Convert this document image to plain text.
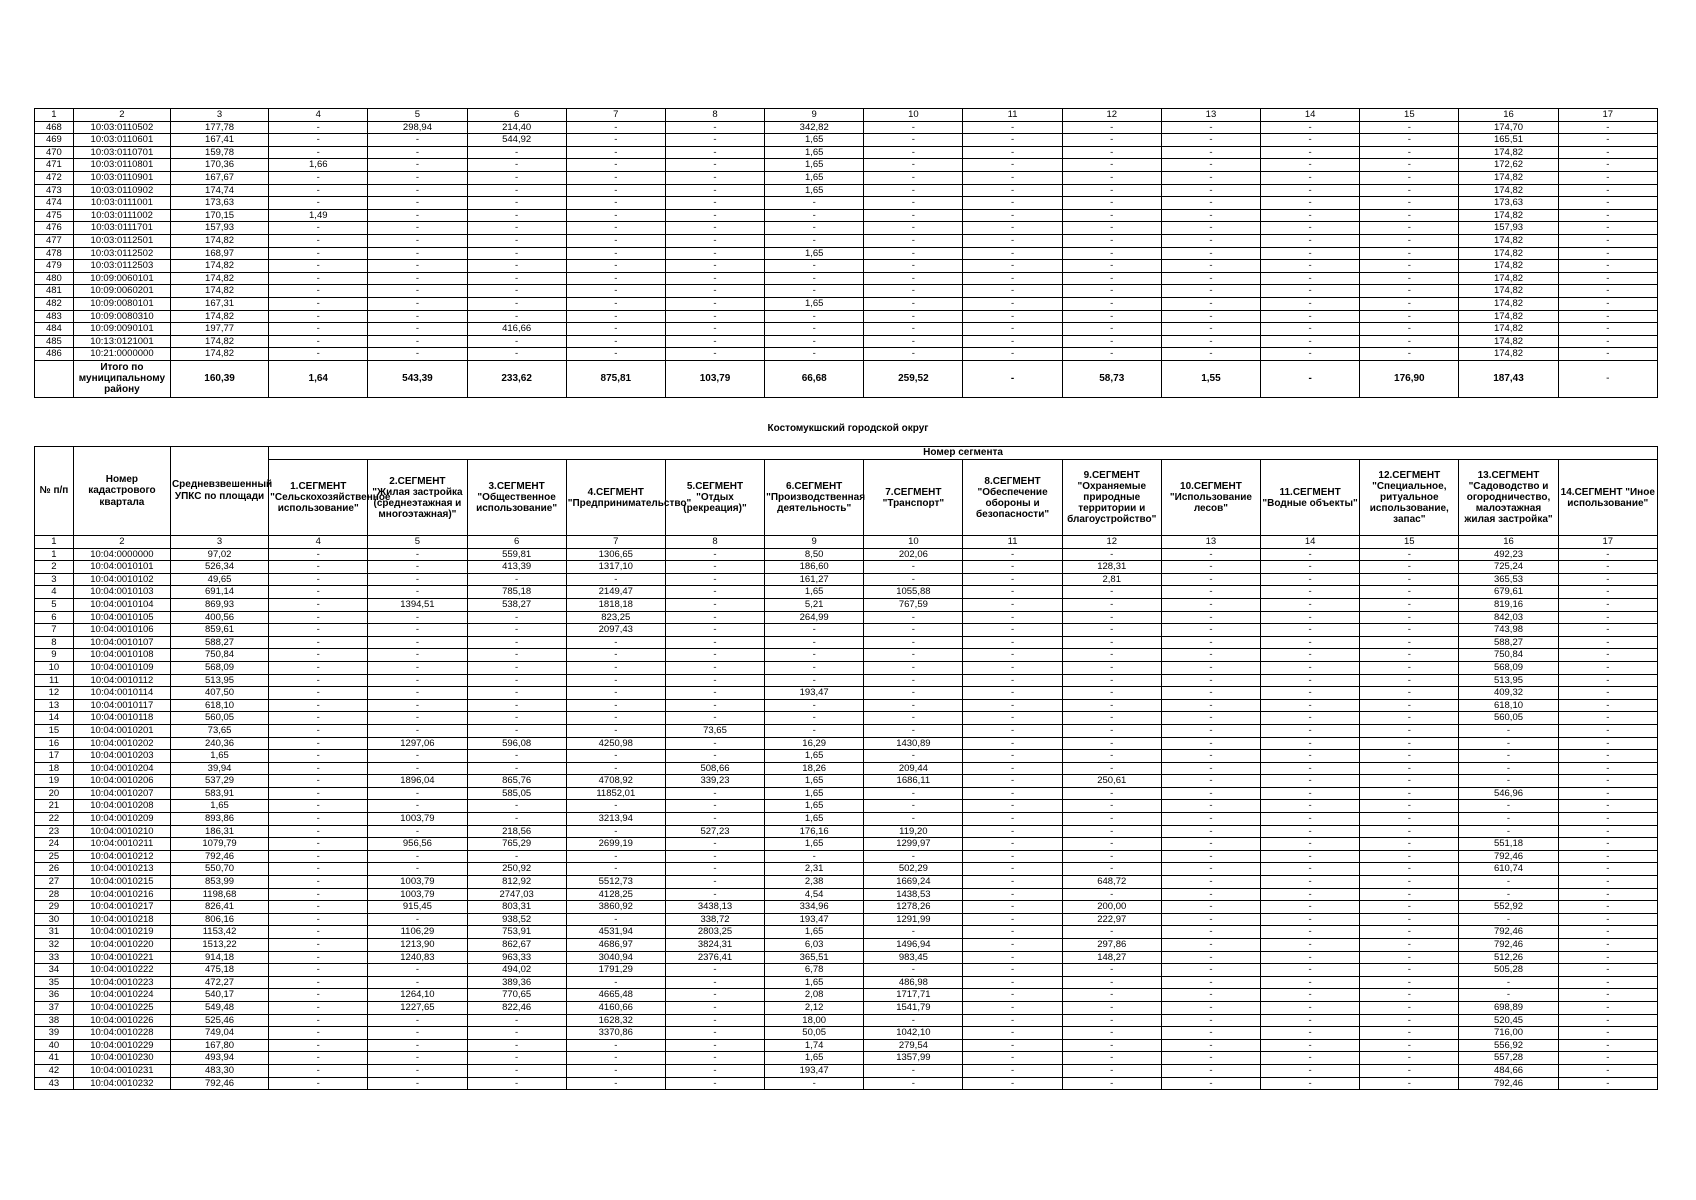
1	2	3	4	5	6	7	8	9	10	11	12	13	14	15	16	17
468	10:03:0110502	177,78	-	298,94	214,40	-	-	342,82	-	-	-	-	-	-	174,70	-
469	10:03:0110601	167,41	-	-	544,92	-	-	1,65	-	-	-	-	-	-	165,51	-
470	10:03:0110701	159,78	-	-	-	-	-	1,65	-	-	-	-	-	-	174,82	-
471	10:03:0110801	170,36	1,66	-	-	-	-	1,65	-	-	-	-	-	-	172,62	-
472	10:03:0110901	167,67	-	-	-	-	-	1,65	-	-	-	-	-	-	174,82	-
473	10:03:0110902	174,74	-	-	-	-	-	1,65	-	-	-	-	-	-	174,82	-
474	10:03:0111001	173,63	-	-	-	-	-	-	-	-	-	-	-	-	173,63	-
475	10:03:0111002	170,15	1,49	-	-	-	-	-	-	-	-	-	-	-	174,82	-
476	10:03:0111701	157,93	-	-	-	-	-	-	-	-	-	-	-	-	157,93	-
477	10:03:0112501	174,82	-	-	-	-	-	-	-	-	-	-	-	-	174,82	-
478	10:03:0112502	168,97	-	-	-	-	-	1,65	-	-	-	-	-	-	174,82	-
479	10:03:0112503	174,82	-	-	-	-	-	-	-	-	-	-	-	-	174,82	-
480	10:09:0060101	174,82	-	-	-	-	-	-	-	-	-	-	-	-	174,82	-
481	10:09:0060201	174,82	-	-	-	-	-	-	-	-	-	-	-	-	174,82	-
482	10:09:0080101	167,31	-	-	-	-	-	1,65	-	-	-	-	-	-	174,82	-
483	10:09:0080310	174,82	-	-	-	-	-	-	-	-	-	-	-	-	174,82	-
484	10:09:0090101	197,77	-	-	416,66	-	-	-	-	-	-	-	-	-	174,82	-
485	10:13:0121001	174,82	-	-	-	-	-	-	-	-	-	-	-	-	174,82	-
486	10:21:0000000	174,82	-	-	-	-	-	-	-	-	-	-	-	-	174,82	-
	Итого по муниципальному району	160,39	1,64	543,39	233,62	875,81	103,79	66,68	259,52	-	58,73	1,55	-	176,90	187,43	-
Костомукшский городской округ
№ п/п	Номер кадастрового квартала	Средневзвешенный УПКС по площади	Номер сегмента													
			1.СЕГМЕНТ "Сельскохозяйственное использование"	2.СЕГМЕНТ "Жилая застройка (среднеэтажная и многоэтажная)"	3.СЕГМЕНТ "Общественное использование"	4.СЕГМЕНТ "Предпринимательство"	5.СЕГМЕНТ "Отдых (рекреация)"	6.СЕГМЕНТ "Производственная деятельность"	7.СЕГМЕНТ "Транспорт"	8.СЕГМЕНТ "Обеспечение обороны и безопасности"	9.СЕГМЕНТ "Охраняемые природные территории и благоустройство"	10.СЕГМЕНТ "Использование лесов"	11.СЕГМЕНТ "Водные объекты"	12.СЕГМЕНТ "Специальное, ритуальное использование, запас"	13.СЕГМЕНТ "Садоводство и огородничество, малоэтажная жилая застройка"	14.СЕГМЕНТ "Иное использование"
1	2	3	4	5	6	7	8	9	10	11	12	13	14	15	16	17
1	10:04:0000000	97,02	-	-	559,81	1306,65	-	8,50	202,06	-	-	-	-	-	492,23	-
2	10:04:0010101	526,34	-	-	413,39	1317,10	-	186,60	-	-	128,31	-	-	-	725,24	-
3	10:04:0010102	49,65	-	-	-	-	-	161,27	-	-	2,81	-	-	-	365,53	-
4	10:04:0010103	691,14	-	-	785,18	2149,47	-	1,65	1055,88	-	-	-	-	-	679,61	-
5	10:04:0010104	869,93	-	1394,51	538,27	1818,18	-	5,21	767,59	-	-	-	-	-	819,16	-
6	10:04:0010105	400,56	-	-	-	823,25	-	264,99	-	-	-	-	-	-	842,03	-
7	10:04:0010106	859,61	-	-	-	2097,43	-	-	-	-	-	-	-	-	743,98	-
8	10:04:0010107	588,27	-	-	-	-	-	-	-	-	-	-	-	-	588,27	-
9	10:04:0010108	750,84	-	-	-	-	-	-	-	-	-	-	-	-	750,84	-
10	10:04:0010109	568,09	-	-	-	-	-	-	-	-	-	-	-	-	568,09	-
11	10:04:0010112	513,95	-	-	-	-	-	-	-	-	-	-	-	-	513,95	-
12	10:04:0010114	407,50	-	-	-	-	-	193,47	-	-	-	-	-	-	409,32	-
13	10:04:0010117	618,10	-	-	-	-	-	-	-	-	-	-	-	-	618,10	-
14	10:04:0010118	560,05	-	-	-	-	-	-	-	-	-	-	-	-	560,05	-
15	10:04:0010201	73,65	-	-	-	-	73,65	-	-	-	-	-	-	-	-	-
16	10:04:0010202	240,36	-	1297,06	596,08	4250,98	-	16,29	1430,89	-	-	-	-	-	-	-
17	10:04:0010203	1,65	-	-	-	-	-	1,65	-	-	-	-	-	-	-	-
18	10:04:0010204	39,94	-	-	-	-	508,66	18,26	209,44	-	-	-	-	-	-	-
19	10:04:0010206	537,29	-	1896,04	865,76	4708,92	339,23	1,65	1686,11	-	250,61	-	-	-	-	-
20	10:04:0010207	583,91	-	-	585,05	11852,01	-	1,65	-	-	-	-	-	-	546,96	-
21	10:04:0010208	1,65	-	-	-	-	-	1,65	-	-	-	-	-	-	-	-
22	10:04:0010209	893,86	-	1003,79	-	3213,94	-	1,65	-	-	-	-	-	-	-	-
23	10:04:0010210	186,31	-	-	218,56	-	527,23	176,16	119,20	-	-	-	-	-	-	-
24	10:04:0010211	1079,79	-	956,56	765,29	2699,19	-	1,65	1299,97	-	-	-	-	-	551,18	-
25	10:04:0010212	792,46	-	-	-	-	-	-	-	-	-	-	-	-	792,46	-
26	10:04:0010213	550,70	-	-	250,92	-	-	2,31	502,29	-	-	-	-	-	610,74	-
27	10:04:0010215	853,99	-	1003,79	812,92	5512,73	-	2,38	1669,24	-	648,72	-	-	-	-	-
28	10:04:0010216	1198,68	-	1003,79	2747,03	4128,25	-	4,54	1438,53	-	-	-	-	-	-	-
29	10:04:0010217	826,41	-	915,45	803,31	3860,92	3438,13	334,96	1278,26	-	200,00	-	-	-	552,92	-
30	10:04:0010218	806,16	-	-	938,52	-	338,72	193,47	1291,99	-	222,97	-	-	-	-	-
31	10:04:0010219	1153,42	-	1106,29	753,91	4531,94	2803,25	1,65	-	-	-	-	-	-	792,46	-
32	10:04:0010220	1513,22	-	1213,90	862,67	4686,97	3824,31	6,03	1496,94	-	297,86	-	-	-	792,46	-
33	10:04:0010221	914,18	-	1240,83	963,33	3040,94	2376,41	365,51	983,45	-	148,27	-	-	-	512,26	-
34	10:04:0010222	475,18	-	-	494,02	1791,29	-	6,78	-	-	-	-	-	-	505,28	-
35	10:04:0010223	472,27	-	-	389,36	-	-	1,65	486,98	-	-	-	-	-	-	-
36	10:04:0010224	540,17	-	1264,10	770,65	4665,48	-	2,08	1717,71	-	-	-	-	-	-	-
37	10:04:0010225	549,48	-	1227,65	822,46	4160,66	-	2,12	1541,79	-	-	-	-	-	698,89	-
38	10:04:0010226	525,46	-	-	-	1628,32	-	18,00	-	-	-	-	-	-	520,45	-
39	10:04:0010228	749,04	-	-	-	3370,86	-	50,05	1042,10	-	-	-	-	-	716,00	-
40	10:04:0010229	167,80	-	-	-	-	-	1,74	279,54	-	-	-	-	-	556,92	-
41	10:04:0010230	493,94	-	-	-	-	-	1,65	1357,99	-	-	-	-	-	557,28	-
42	10:04:0010231	483,30	-	-	-	-	-	193,47	-	-	-	-	-	-	484,66	-
43	10:04:0010232	792,46	-	-	-	-	-	-	-	-	-	-	-	-	792,46	-
